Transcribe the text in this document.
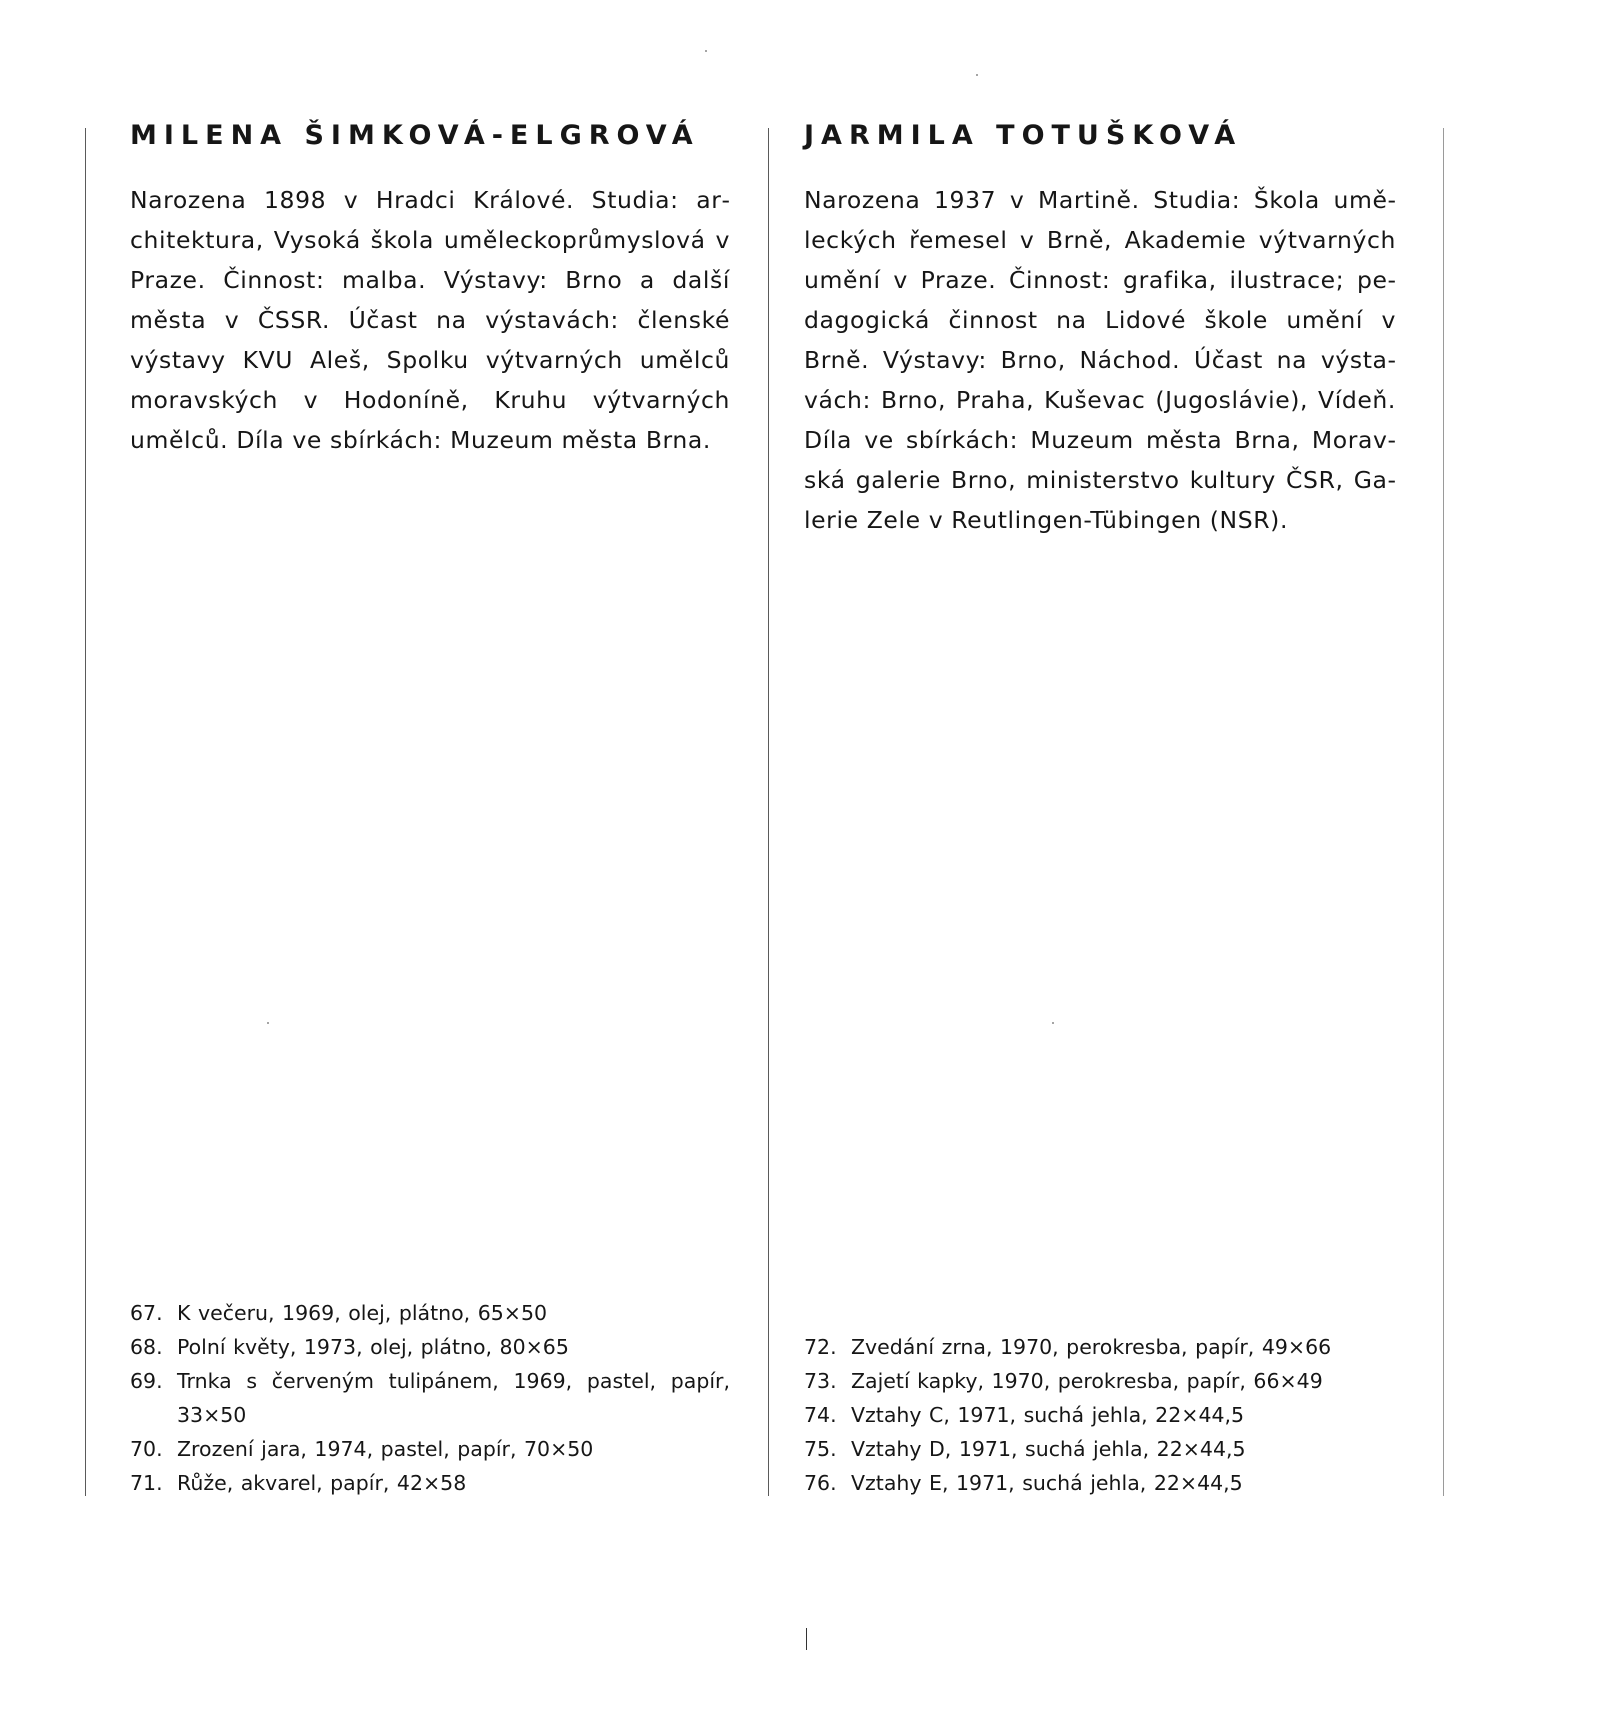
MILENA ŠIMKOVÁ-ELGROVÁ

Narozena 1898 v Hradci Králové. Studia: architektura, Vysoká škola uměleckoprůmyslová v Praze. Činnost: malba. Výstavy: Brno a další města v ČSSR. Účast na výstavách: členské výstavy KVU Aleš, Spolku výtvarných umělců moravských v Hodoníně, Kruhu výtvarných umělců. Díla ve sbírkách: Muzeum města Brna.

67. K večeru, 1969, olej, plátno, 65×50
68. Polní květy, 1973, olej, plátno, 80×65
69. Trnka s červeným tulipánem, 1969, pastel, papír, 33×50
70. Zrození jara, 1974, pastel, papír, 70×50
71. Růže, akvarel, papír, 42×58
JARMILA TOTUŠKOVÁ

Narozena 1937 v Martině. Studia: Škola uměleckých řemesel v Brně, Akademie výtvarných umění v Praze. Činnost: grafika, ilustrace; pedagogická činnost na Lidové škole umění v Brně. Výstavy: Brno, Náchod. Účast na výstavách: Brno, Praha, Kuševac (Jugoslávie), Vídeň. Díla ve sbírkách: Muzeum města Brna, Moravská galerie Brno, ministerstvo kultury ČSR, Galerie Zele v Reutlingen-Tübingen (NSR).

72. Zvedání zrna, 1970, perokresba, papír, 49×66
73. Zajetí kapky, 1970, perokresba, papír, 66×49
74. Vztahy C, 1971, suchá jehla, 22×44,5
75. Vztahy D, 1971, suchá jehla, 22×44,5
76. Vztahy E, 1971, suchá jehla, 22×44,5
